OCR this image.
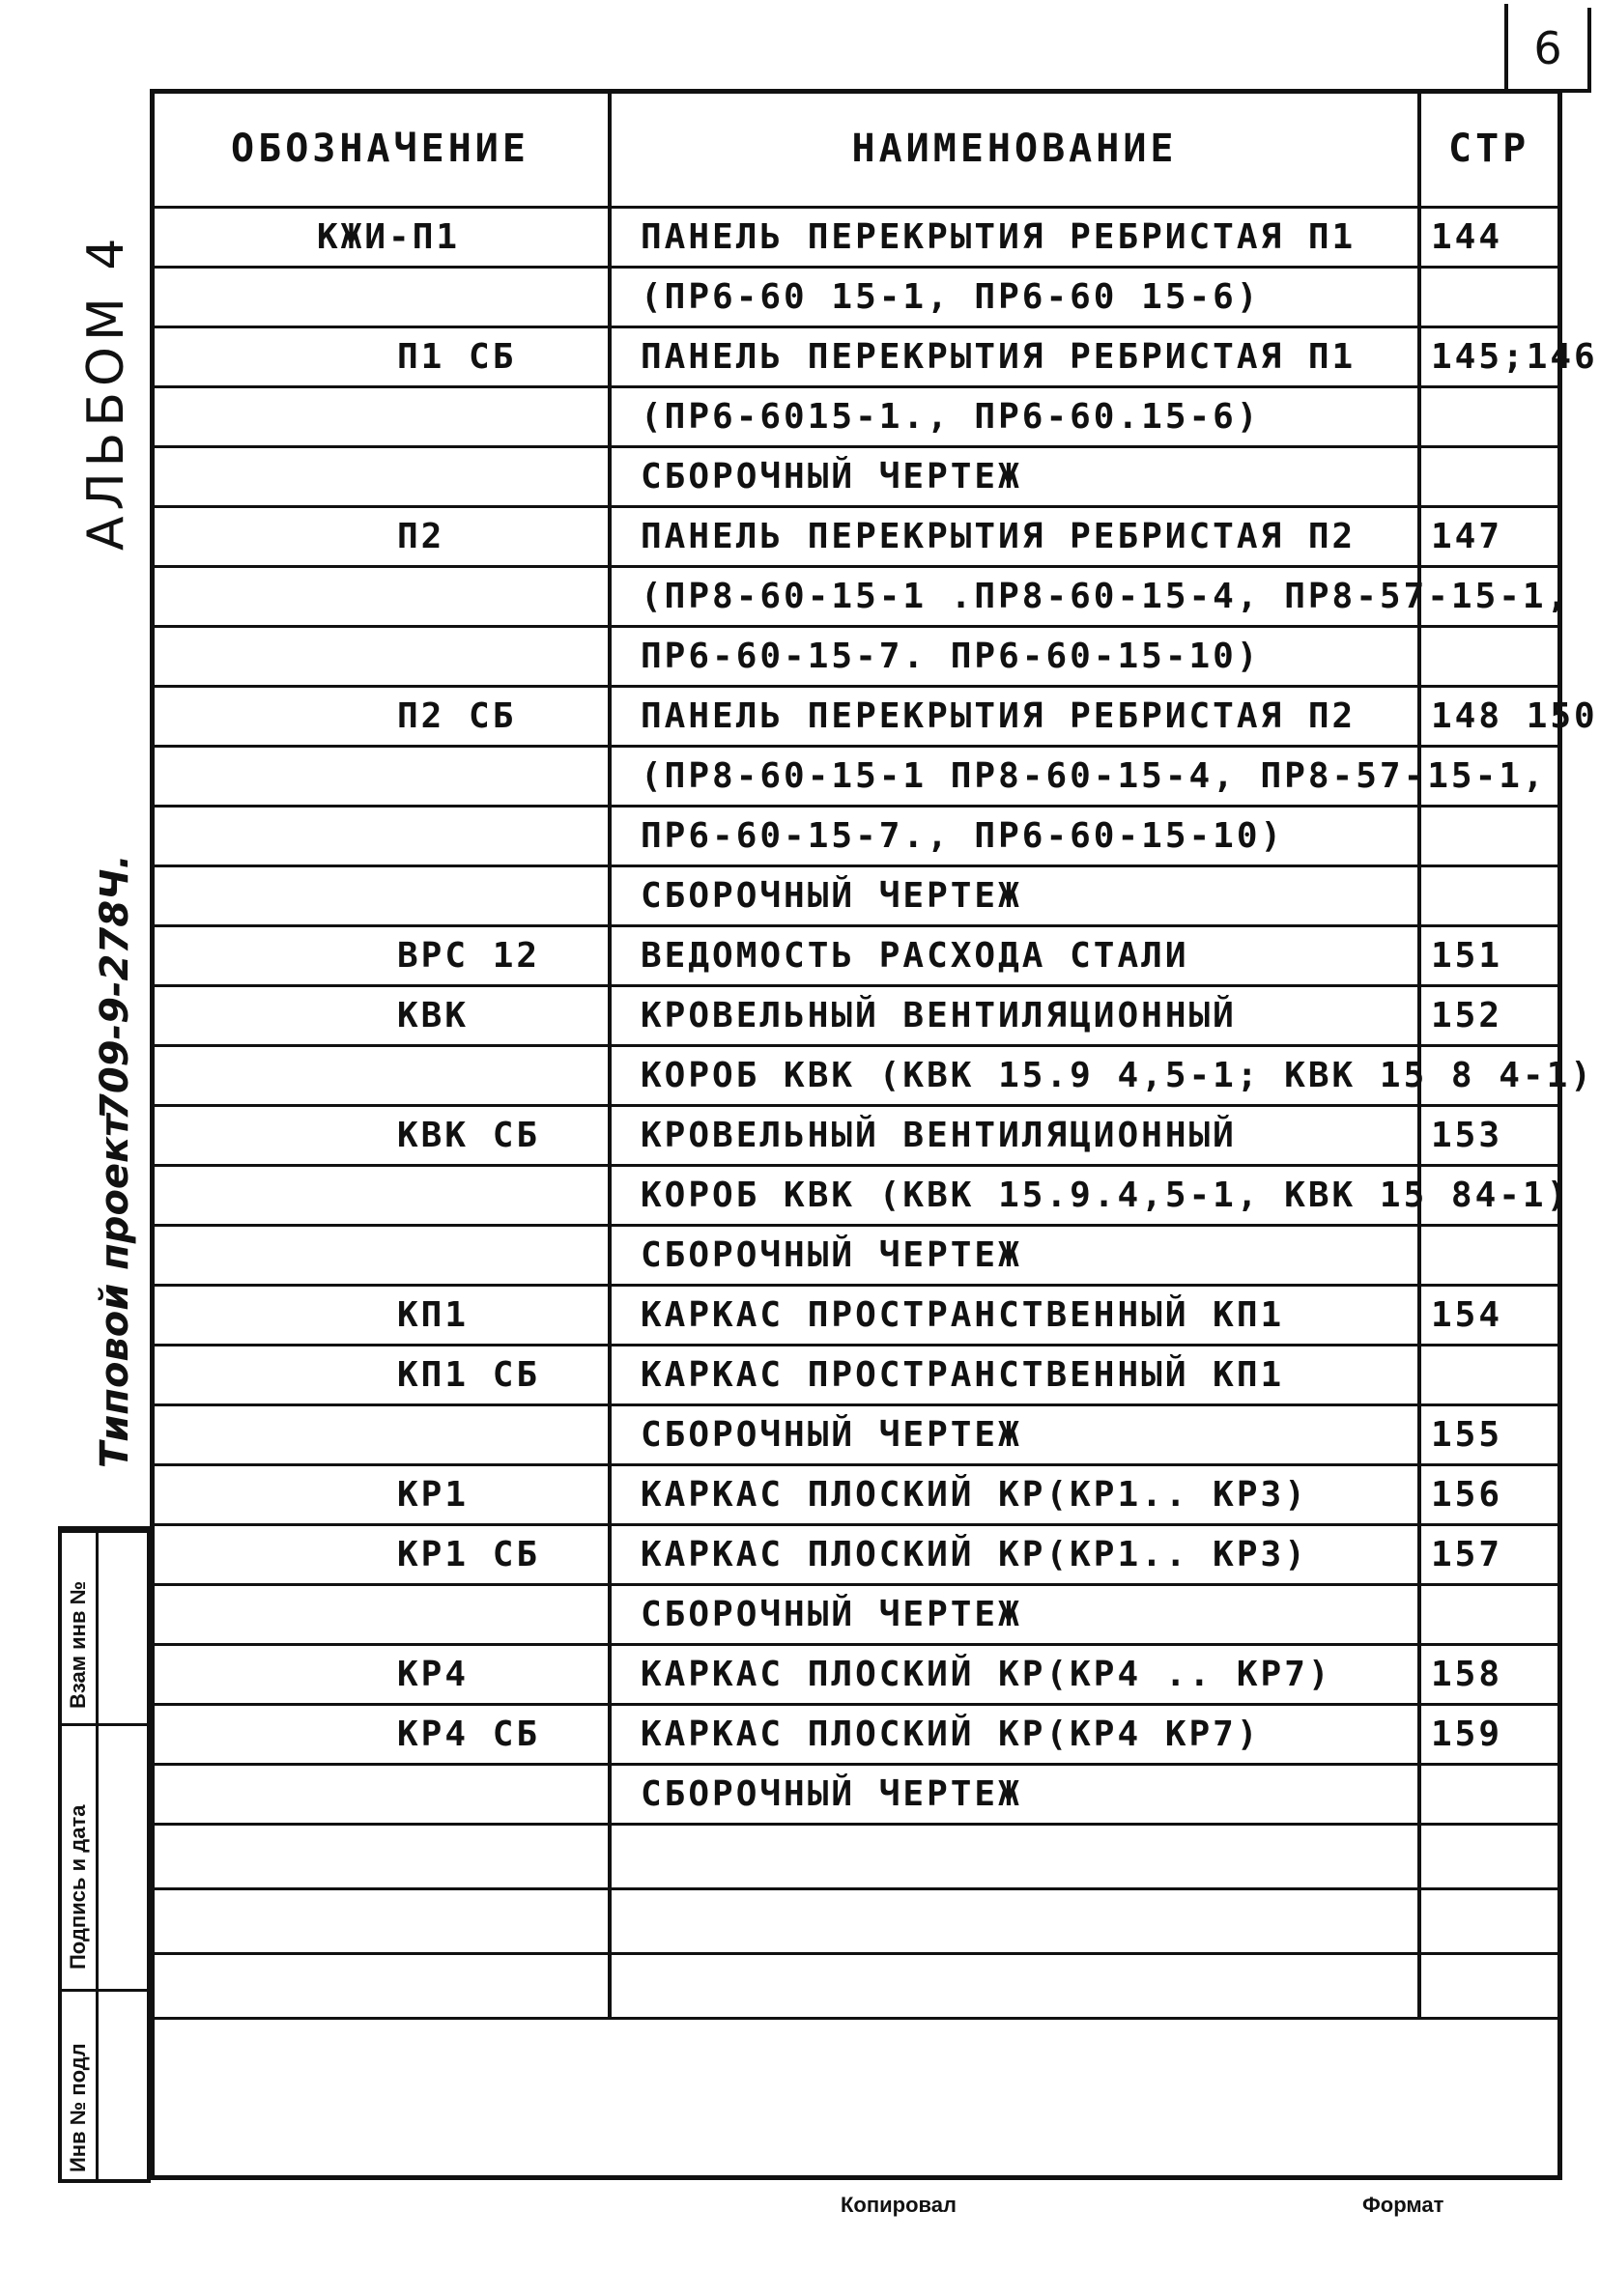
6
ОБОЗНАЧЕНИЕ	НАИМЕНОВАНИЕ	СТР
КЖИ-П1	ПАНЕЛЬ ПЕРЕКРЫТИЯ РЕБРИСТАЯ П1	144
	(ПР6-60 15-1, ПР6-60 15-6)	
П1 СБ	ПАНЕЛЬ ПЕРЕКРЫТИЯ РЕБРИСТАЯ П1	145;146
	(ПР6-6015-1., ПР6-60.15-6)	
	СБОРОЧНЫЙ ЧЕРТЕЖ	
П2	ПАНЕЛЬ ПЕРЕКРЫТИЯ РЕБРИСТАЯ П2	147
	(ПР8-60-15-1 .ПР8-60-15-4, ПР8-57-15-1,	
	ПР6-60-15-7. ПР6-60-15-10)	
П2 СБ	ПАНЕЛЬ ПЕРЕКРЫТИЯ РЕБРИСТАЯ П2	148 150
	(ПР8-60-15-1 ПР8-60-15-4, ПР8-57-15-1,	
	ПР6-60-15-7., ПР6-60-15-10)	
	СБОРОЧНЫЙ ЧЕРТЕЖ	
ВРС 12	ВЕДОМОСТЬ РАСХОДА СТАЛИ	151
КВК	КРОВЕЛЬНЫЙ ВЕНТИЛЯЦИОННЫЙ	152
	КОРОБ КВК (КВК 15.9 4,5-1; КВК 15 8 4-1)	
КВК СБ	КРОВЕЛЬНЫЙ ВЕНТИЛЯЦИОННЫЙ	153
	КОРОБ КВК (КВК 15.9.4,5-1, КВК 15 84-1)	
	СБОРОЧНЫЙ ЧЕРТЕЖ	
КП1	КАРКАС ПРОСТРАНСТВЕННЫЙ КП1	154
КП1 СБ	КАРКАС ПРОСТРАНСТВЕННЫЙ КП1	
	СБОРОЧНЫЙ ЧЕРТЕЖ	155
КР1	КАРКАС ПЛОСКИЙ КР(КР1.. КР3)	156
КР1 СБ	КАРКАС ПЛОСКИЙ КР(КР1.. КР3)	157
	СБОРОЧНЫЙ ЧЕРТЕЖ	
КР4	КАРКАС ПЛОСКИЙ КР(КР4 .. КР7)	158
КР4 СБ	КАРКАС ПЛОСКИЙ КР(КР4 КР7)	159
	СБОРОЧНЫЙ ЧЕРТЕЖ	

АЛЬБОМ 4
Типовой проект
709-9-278Ч.
Взам инв №
Подпись и дата
Инв № подл
Копировал	Формат
